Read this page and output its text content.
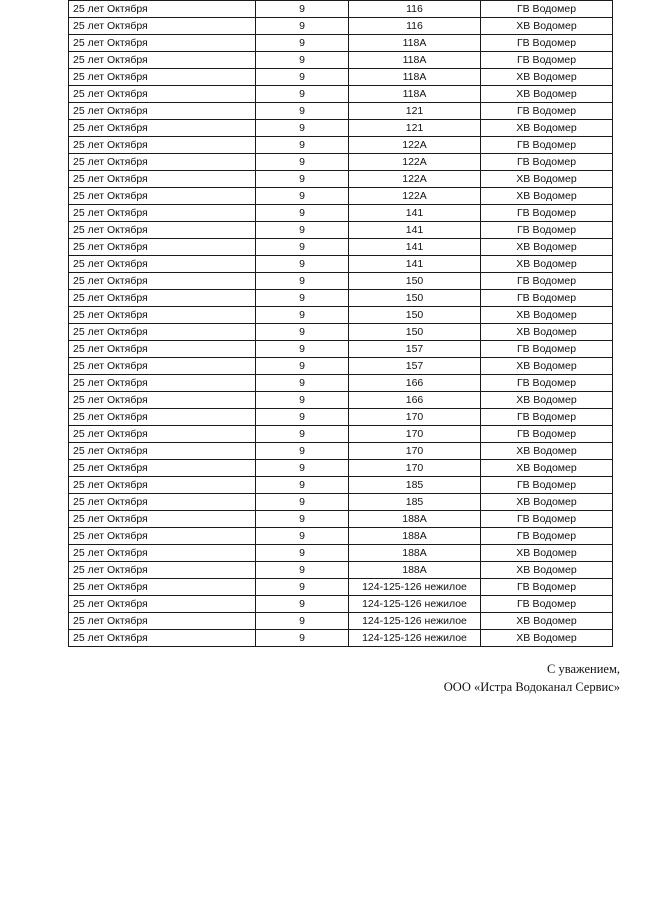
25 лет Октября	9	116	ГВ Водомер
25 лет Октября	9	116	ХВ Водомер
25 лет Октября	9	118А	ГВ Водомер
25 лет Октября	9	118А	ГВ Водомер
25 лет Октября	9	118А	ХВ Водомер
25 лет Октября	9	118А	ХВ Водомер
25 лет Октября	9	121	ГВ Водомер
25 лет Октября	9	121	ХВ Водомер
25 лет Октября	9	122А	ГВ Водомер
25 лет Октября	9	122А	ГВ Водомер
25 лет Октября	9	122А	ХВ Водомер
25 лет Октября	9	122А	ХВ Водомер
25 лет Октября	9	141	ГВ Водомер
25 лет Октября	9	141	ГВ Водомер
25 лет Октября	9	141	ХВ Водомер
25 лет Октября	9	141	ХВ Водомер
25 лет Октября	9	150	ГВ Водомер
25 лет Октября	9	150	ГВ Водомер
25 лет Октября	9	150	ХВ Водомер
25 лет Октября	9	150	ХВ Водомер
25 лет Октября	9	157	ГВ Водомер
25 лет Октября	9	157	ХВ Водомер
25 лет Октября	9	166	ГВ Водомер
25 лет Октября	9	166	ХВ Водомер
25 лет Октября	9	170	ГВ Водомер
25 лет Октября	9	170	ГВ Водомер
25 лет Октября	9	170	ХВ Водомер
25 лет Октября	9	170	ХВ Водомер
25 лет Октября	9	185	ГВ Водомер
25 лет Октября	9	185	ХВ Водомер
25 лет Октября	9	188А	ГВ Водомер
25 лет Октября	9	188А	ГВ Водомер
25 лет Октября	9	188А	ХВ Водомер
25 лет Октября	9	188А	ХВ Водомер
25 лет Октября	9	124-125-126 нежилое	ГВ Водомер
25 лет Октября	9	124-125-126 нежилое	ГВ Водомер
25 лет Октября	9	124-125-126 нежилое	ХВ Водомер
25 лет Октября	9	124-125-126 нежилое	ХВ Водомер
С уважением,
ООО «Истра Водоканал Сервис»
